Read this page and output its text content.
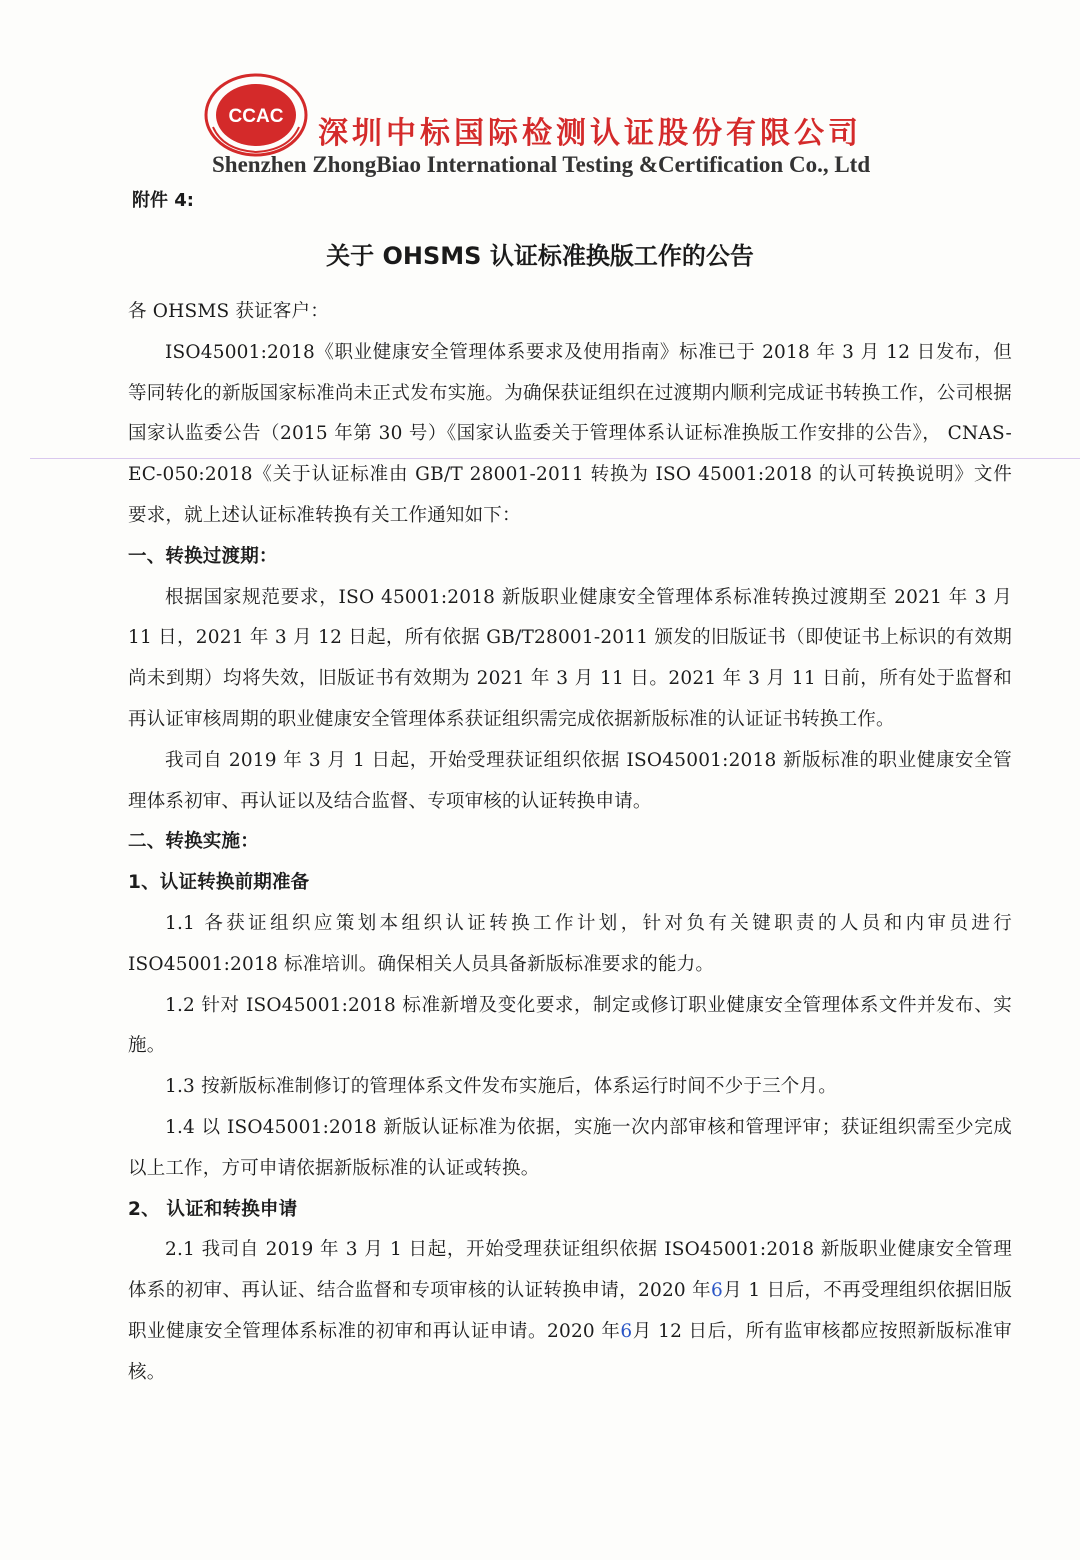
CCAC 深圳中标国际检测认证股份有限公司
Shenzhen ZhongBiao International Testing &Certification Co., Ltd
附件 4:
关于 OHSMS 认证标准换版工作的公告

各 OHSMS 获证客户：

ISO45001:2018《职业健康安全管理体系要求及使用指南》标准已于 2018 年 3 月 12 日发布，但等同转化的新版国家标准尚未正式发布实施。为确保获证组织在过渡期内顺利完成证书转换工作，公司根据国家认监委公告（2015 年第 30 号）《国家认监委关于管理体系认证标准换版工作安排的公告》， CNAS-EC-050:2018《关于认证标准由 GB/T 28001-2011 转换为 ISO 45001:2018 的认可转换说明》文件要求，就上述认证标准转换有关工作通知如下：

一、转换过渡期：

根据国家规范要求，ISO 45001:2018 新版职业健康安全管理体系标准转换过渡期至 2021 年 3 月 11 日，2021 年 3 月 12 日起，所有依据 GB/T28001-2011 颁发的旧版证书（即使证书上标识的有效期尚未到期）均将失效，旧版证书有效期为 2021 年 3 月 11 日。2021 年 3 月 11 日前，所有处于监督和再认证审核周期的职业健康安全管理体系获证组织需完成依据新版标准的认证证书转换工作。

我司自 2019 年 3 月 1 日起，开始受理获证组织依据 ISO45001:2018 新版标准的职业健康安全管理体系初审、再认证以及结合监督、专项审核的认证转换申请。

二、转换实施：

1、认证转换前期准备

1.1 各获证组织应策划本组织认证转换工作计划，针对负有关键职责的人员和内审员进行 ISO45001:2018 标准培训。确保相关人员具备新版标准要求的能力。

1.2 针对 ISO45001:2018 标准新增及变化要求，制定或修订职业健康安全管理体系文件并发布、实施。

1.3 按新版标准制修订的管理体系文件发布实施后，体系运行时间不少于三个月。

1.4 以 ISO45001:2018 新版认证标准为依据，实施一次内部审核和管理评审；获证组织需至少完成以上工作，方可申请依据新版标准的认证或转换。

2、 认证和转换申请

2.1 我司自 2019 年 3 月 1 日起，开始受理获证组织依据 ISO45001:2018 新版职业健康安全管理体系的初审、再认证、结合监督和专项审核的认证转换申请，2020 年6月 1 日后，不再受理组织依据旧版职业健康安全管理体系标准的初审和再认证申请。2020 年6月 12 日后，所有监审核都应按照新版标准审核。
